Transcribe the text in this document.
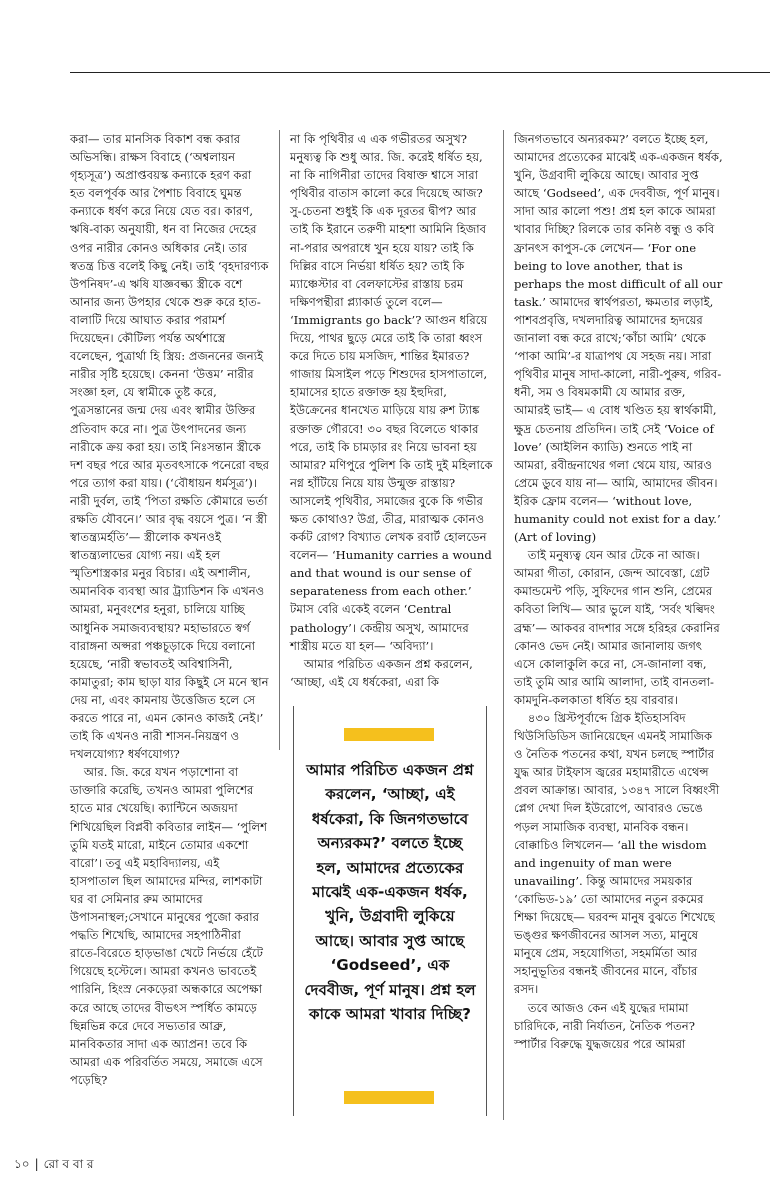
করা— তার মানসিক বিকাশ বন্ধ করার অভিসন্ধি। রাক্ষস বিবাহে (‘অশ্বলায়ন গৃহ্যসূত্র’) অপ্রাপ্তবয়স্ক কন্যাকে হরণ করা হত বলপূর্বক আর পৈশাচ বিবাহে ঘুমন্ত কন্যাকে ধর্ষণ করে নিয়ে যেত বর। কারণ, ঋষি-বাক্য অনুযায়ী, ধন বা নিজের দেহের ওপর নারীর কোনও অধিকার নেই। তার স্বতন্ত্র চিত্ত বলেই কিছু নেই। তাই ‘বৃহদারণ্যক উপনিষদ’-এ ঋষি যাজ্ঞবল্ক্য স্ত্রীকে বশে আনার জন্য উপহার থেকে শুরু করে হাত-বালাটি দিয়ে আঘাত করার পরামর্শ দিয়েছেন। কৌটিল্য পর্যন্ত অর্থশাস্ত্রে বলেছেন, পুত্রার্থা হি স্ত্রিয়: প্রজননের জন্যই নারীর সৃষ্টি হয়েছে। কেননা ‘উত্তম’ নারীর সংজ্ঞা হল, যে স্বামীকে তুষ্ট করে, পুত্রসন্তানের জন্ম দেয় এবং স্বামীর উক্তির প্রতিবাদ করে না। পুত্র উৎপাদনের জন্য নারীকে ক্রয় করা হয়। তাই নিঃসন্তান স্ত্রীকে দশ বছর পরে আর মৃতবৎসাকে পনেরো বছর পরে ত্যাগ করা যায়। (‘বৌধায়ন ধর্মসূত্র’)। নারী দুর্বল, তাই ‘পিতা রক্ষতি কৌমারে ভর্তা রক্ষতি যৌবনে।’ আর বৃদ্ধ বয়সে পুত্র। ‘ন স্ত্রী স্বাতন্ত্র্যমর্হতি’— স্ত্রীলোক কখনওই স্বাতন্ত্র্যলাভের যোগ্য নয়। এই হল স্মৃতিশাস্ত্রকার মনুর বিচার। এই অশালীন, অমানবিক ব্যবস্থা আর ট্র্যাডিশন কি এখনও আমরা, মনুবংশের হনুরা, চালিয়ে যাচ্ছি আধুনিক সমাজব্যবস্থায়? মহাভারতে স্বর্গ বারাঙ্গনা অপ্সরা পঞ্চচূড়াকে দিয়ে বলানো হয়েছে, ‘নারী স্বভাবতই অবিশ্বাসিনী, কামাতুরা; কাম ছাড়া যার কিছুই সে মনে স্থান দেয় না, এবং কামনায় উত্তেজিত হলে সে করতে পারে না, এমন কোনও কাজই নেই।’ তাই কি এখনও নারী শাসন-নিয়ন্ত্রণ ও দখলযোগ্য? ধর্ষণযোগ্য?

আর. জি. করে যখন পড়াশোনা বা ডাক্তারি করেছি, তখনও আমরা পুলিশের হাতে মার খেয়েছি। ক্যান্টিনে অজয়দা শিখিয়েছিল বিপ্লবী কবিতার লাইন— ‘পুলিশ তুমি যতই মারো, মাইনে তোমার একশো বারো’। তবু এই মহাবিদ্যালয়, এই হাসপাতাল ছিল আমাদের মন্দির, লাশকাটা ঘর বা সেমিনার রুম আমাদের উপাসনাস্থল;সেখানে মানুষের পুজো করার পদ্ধতি শিখেছি, আমাদের সহপাঠিনীরা রাতে-বিরেতে হাড়ভাঙা খেটে নির্ভয়ে হেঁটে গিয়েছে হস্টেলে। আমরা কখনও ভাবতেই পারিনি, হিংস্র নেকড়েরা অন্ধকারে অপেক্ষা করে আছে তাদের বীভৎস স্পর্ধিত কামড়ে ছিন্নভিন্ন করে দেবে সভ্যতার আব্রু, মানবিকতার সাদা এক অ্যাপ্রন! তবে কি আমরা এক পরিবর্তিত সময়ে, সমাজে এসে পড়েছি?

না কি পৃথিবীর এ এক গভীরতর অসুখ? মনুষ্যত্ব কি শুধু আর. জি. করেই ধর্ষিত হয়, না কি নাগিনীরা তাদের বিষাক্ত শ্বাসে সারা পৃথিবীর বাতাস কালো করে দিয়েছে আজ? সু-চেতনা শুধুই কি এক দূরতর দ্বীপ? আর তাই কি ইরানে তরুণী মাহশা আমিনি হিজাব না-পরার অপরাধে খুন হয়ে যায়? তাই কি দিল্লির বাসে নির্ভয়া ধর্ষিত হয়? তাই কি ম্যাঞ্চেস্টার বা বেলফাস্টের রাস্তায় চরম দক্ষিণপন্থীরা প্ল্যাকার্ড তুলে বলে— ‘Immigrants go back’? আগুন ধরিয়ে দিয়ে, পাথর ছুড়ে মেরে তাই কি তারা ধ্বংস করে দিতে চায় মসজিদ, শান্তির ইমারত? গাজায় মিসাইল পড়ে শিশুদের হাসপাতালে, হামাসের হাতে রক্তাক্ত হয় ইহুদিরা, ইউক্রেনের ধানখেত মাড়িয়ে যায় রুশ ট্যাঙ্ক রক্তাক্ত গৌরবে! ৩০ বছর বিলেতে থাকার পরে, তাই কি চামড়ার রং নিয়ে ভাবনা হয় আমার? মণিপুরে পুলিশ কি তাই দুই মহিলাকে নগ্ন হাঁটিয়ে নিয়ে যায় উন্মুক্ত রাস্তায়? আসলেই পৃথিবীর, সমাজের বুকে কি গভীর ক্ষত কোথাও? উগ্র, তীব্র, মারাত্মক কোনও কর্কট রোগ? বিখ্যাত লেখক রবার্ট হোলডেন বলেন— ‘Humanity carries a wound and that wound is our sense of separateness from each other.’ টমাস বেরি একেই বলেন ‘Central pathology’। কেন্দ্রীয় অসুখ, আমাদের শাস্ত্রীয় মতে যা হল— ‘অবিদ্যা’।

আমার পরিচিত একজন প্রশ্ন করলেন, ‘আচ্ছা, এই যে ধর্ষকেরা, এরা কি

আমার পরিচিত একজন প্রশ্ন করলেন, ‘আচ্ছা, এই ধর্ষকেরা, কি জিনগতভাবে অন্যরকম?’ বলতে ইচ্ছে হল, আমাদের প্রত্যেকের মাঝেই এক-একজন ধর্ষক, খুনি, উগ্রবাদী লুকিয়ে আছে। আবার সুপ্ত আছে ‘Godseed’, এক দেববীজ, পূর্ণ মানুষ। প্রশ্ন হল কাকে আমরা খাবার দিচ্ছি?

জিনগতভাবে অন্যরকম?’ বলতে ইচ্ছে হল, আমাদের প্রত্যেকের মাঝেই এক-একজন ধর্ষক, খুনি, উগ্রবাদী লুকিয়ে আছে। আবার সুপ্ত আছে ‘Godseed’, এক দেববীজ, পূর্ণ মানুষ। সাদা আর কালো পশু! প্রশ্ন হল কাকে আমরা খাবার দিচ্ছি? রিলকে তার কনিষ্ঠ বন্ধু ও কবি ফ্রানৎস কাপুস-কে লেখেন— ‘For one being to love another, that is perhaps the most difficult of all our task.’ আমাদের স্বার্থপরতা, ক্ষমতার লড়াই, পাশবপ্রবৃত্তি, দখলদারিত্ব আমাদের হৃদয়ের জানালা বন্ধ করে রাখে;‘কাঁচা আমি’ থেকে ‘পাকা আমি’-র যাত্রাপথ যে সহজ নয়। সারা পৃথিবীর মানুষ সাদা-কালো, নারী-পুরুষ, গরিব-ধনী, সম ও বিষমকামী যে আমার রক্ত, আমারই ভাই— এ বোধ খণ্ডিত হয় স্বার্থকামী, ক্ষুদ্র চেতনায় প্রতিদিন। তাই সেই ‘Voice of love’ (আইলিন ক্যাডি) শুনতে পাই না আমরা, রবীন্দ্রনাথের গলা থেমে যায়, আরও প্রেমে ডুবে যায় না— আমি, আমাদের জীবন। ইরিক ফ্রোম বলেন— ‘without love, humanity could not exist for a day.’ (Art of loving)

তাই মনুষ্যত্ব যেন আর টেকে না আজ। আমরা গীতা, কোরান, জেন্দ আবেস্তা, গ্রেট কমান্ডমেন্ট পড়ি, সুফিদের গান শুনি, প্রেমের কবিতা লিখি— আর ভুলে যাই, ‘সর্বং খল্বিদং ব্রহ্ম’— আকবর বাদশার সঙ্গে হরিহর কেরানির কোনও ভেদ নেই। আমার জানালায় জগৎ এসে কোলাকুলি করে না, সে-জানালা বন্ধ, তাই তুমি আর আমি আলাদা, তাই বানতলা-কামদুনি-কলকাতা ধর্ষিত হয় বারবার।

৪৩০ খ্রিস্টপূর্বাব্দে গ্রিক ইতিহাসবিদ থিউসিডিডিস জানিয়েছেন এমনই সামাজিক ও নৈতিক পতনের কথা, যখন চলছে স্পার্টার যুদ্ধ আর টাইফাস জ্বরের মহামারীতে এথেন্স প্রবল আক্রান্ত। আবার, ১৩৪৭ সালে বিধ্বংসী প্লেগ দেখা দিল ইউরোপে, আবারও ভেঙে পড়ল সামাজিক ব্যবস্থা, মানবিক বন্ধন। বোক্কাচিও লিখলেন— ‘all the wisdom and ingenuity of man were unavailing’. কিন্তু আমাদের সময়কার ‘কোভিড-১৯’ তো আমাদের নতুন রকমের শিক্ষা দিয়েছে— ঘরবন্দ মানুষ বুঝতে শিখেছে ভঙ্গুর ক্ষণজীবনের আসল সত্য, মানুষে মানুষে প্রেম, সহযোগিতা, সহমর্মিতা আর সহানুভূতির বন্ধনই জীবনের মানে, বাঁচার রসদ।

তবে আজও কেন এই যুদ্ধের দামামা চারিদিকে, নারী নির্যাতন, নৈতিক পতন? স্পার্টার বিরুদ্ধে যুদ্ধজয়ের পরে আমরা

১০ | রো ব বা র
